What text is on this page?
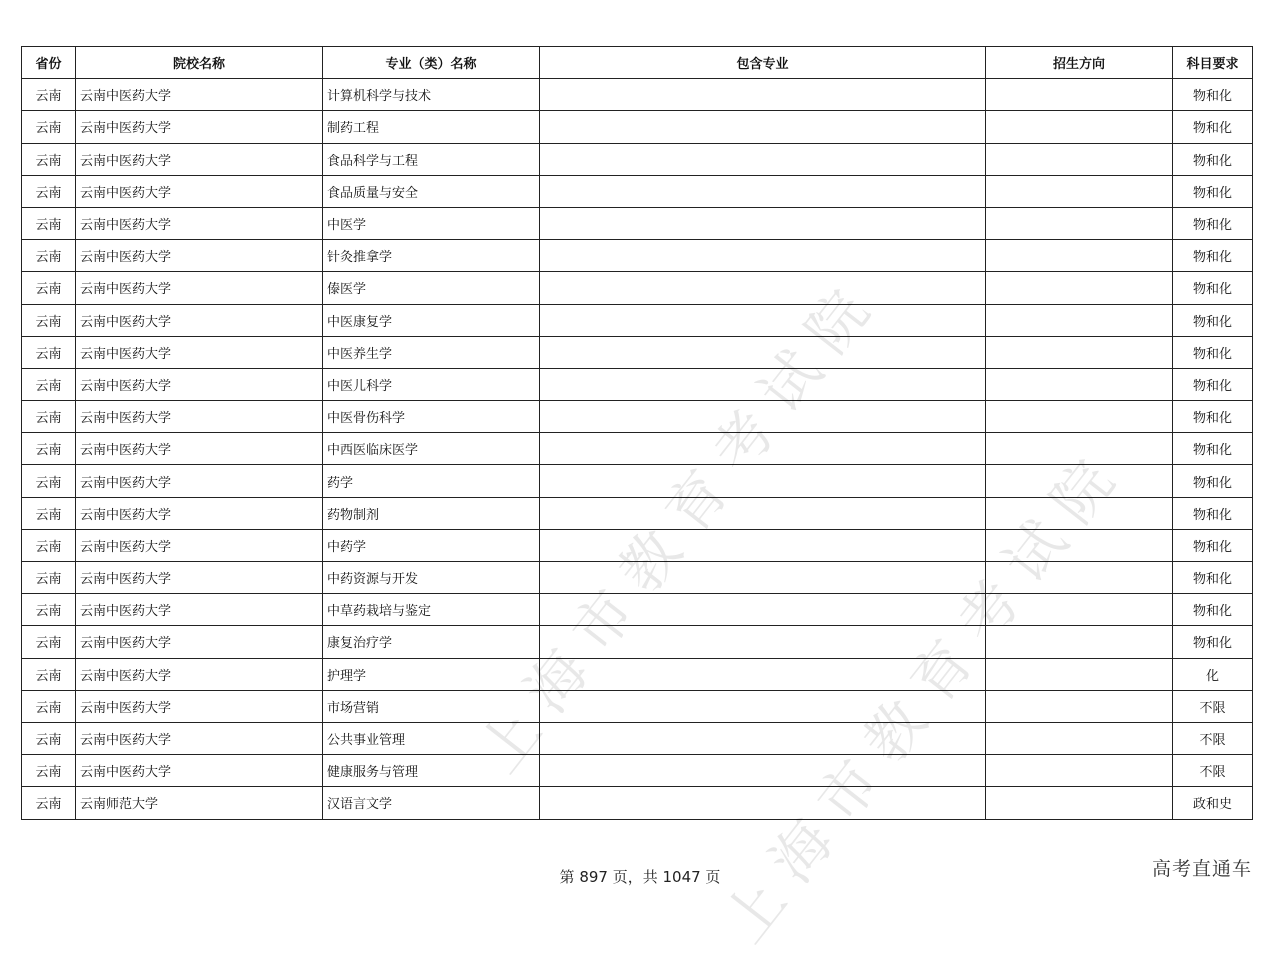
上海市教育考试院
上海市教育考试院
省份	院校名称	专业（类）名称	包含专业	招生方向	科目要求
云南	云南中医药大学	计算机科学与技术			物和化
云南	云南中医药大学	制药工程			物和化
云南	云南中医药大学	食品科学与工程			物和化
云南	云南中医药大学	食品质量与安全			物和化
云南	云南中医药大学	中医学			物和化
云南	云南中医药大学	针灸推拿学			物和化
云南	云南中医药大学	傣医学			物和化
云南	云南中医药大学	中医康复学			物和化
云南	云南中医药大学	中医养生学			物和化
云南	云南中医药大学	中医儿科学			物和化
云南	云南中医药大学	中医骨伤科学			物和化
云南	云南中医药大学	中西医临床医学			物和化
云南	云南中医药大学	药学			物和化
云南	云南中医药大学	药物制剂			物和化
云南	云南中医药大学	中药学			物和化
云南	云南中医药大学	中药资源与开发			物和化
云南	云南中医药大学	中草药栽培与鉴定			物和化
云南	云南中医药大学	康复治疗学			物和化
云南	云南中医药大学	护理学			化
云南	云南中医药大学	市场营销			不限
云南	云南中医药大学	公共事业管理			不限
云南	云南中医药大学	健康服务与管理			不限
云南	云南师范大学	汉语言文学			政和史
第 897 页，共 1047 页	高考直通车
